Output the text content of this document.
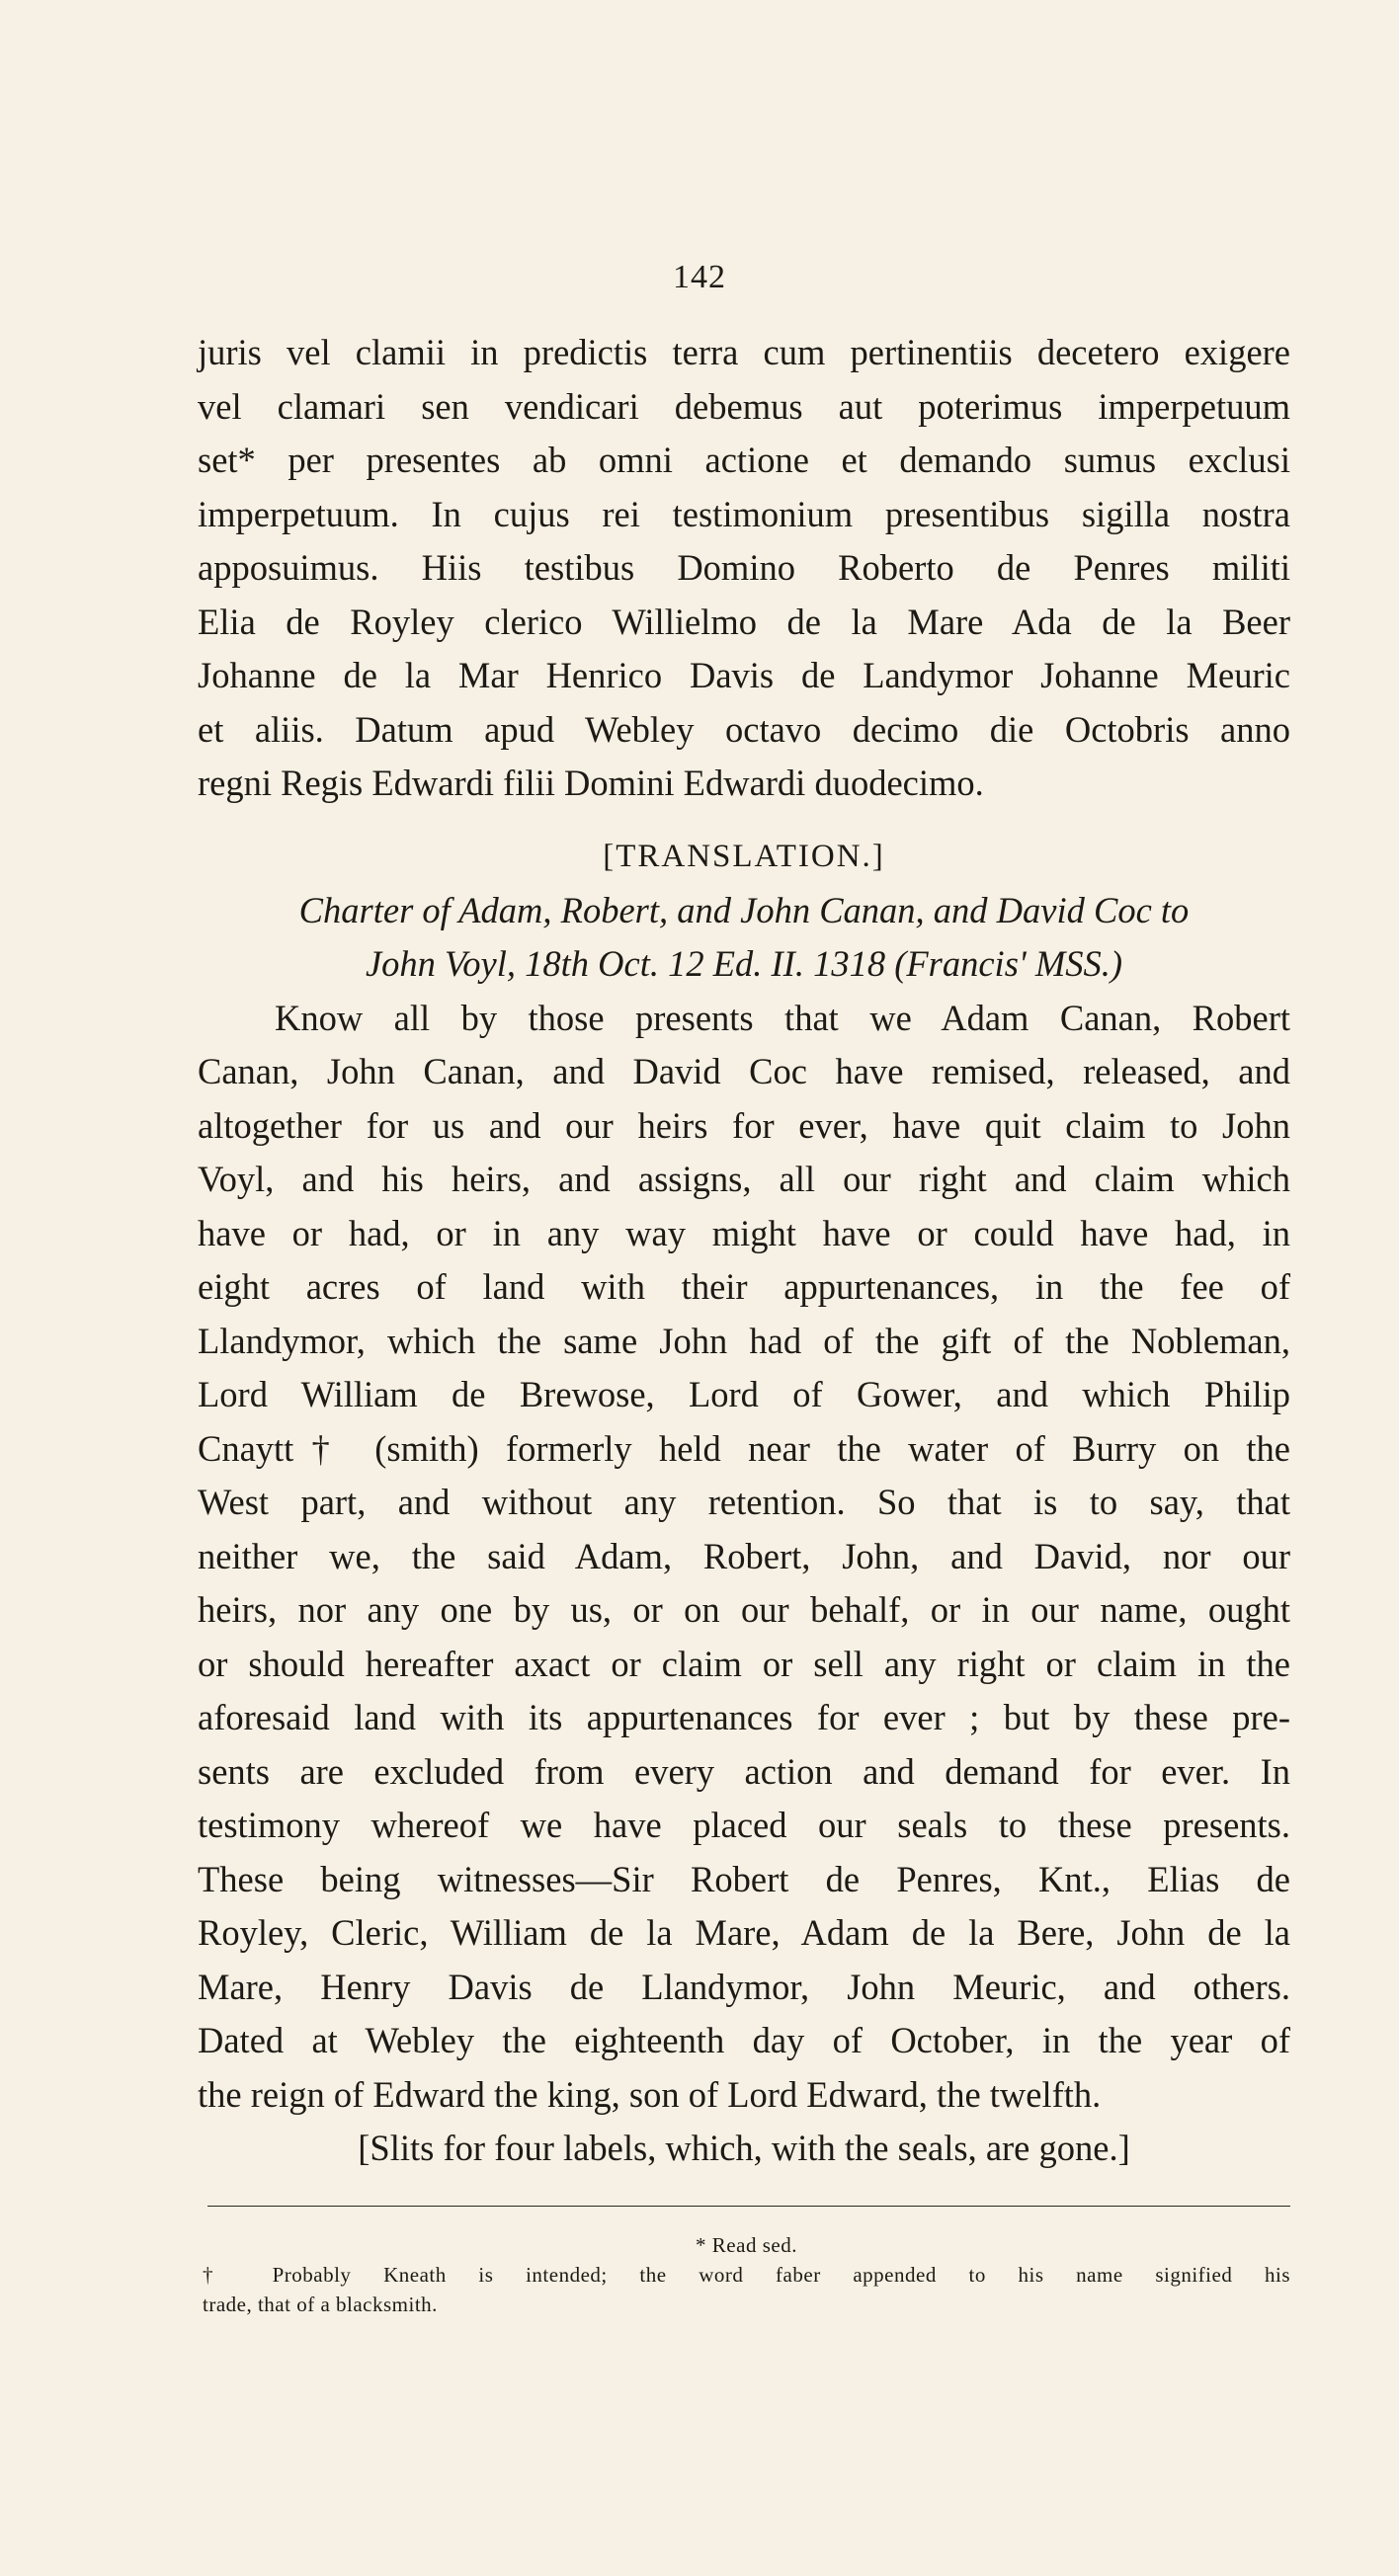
142
juris vel clamii in predictis terra cum pertinentiis decetero exigere
vel clamari sen vendicari debemus aut poterimus imperpetuum
set* per presentes ab omni actione et demando sumus exclusi
imperpetuum. In cujus rei testimonium presentibus sigilla nostra
apposuimus. Hiis testibus Domino Roberto de Penres militi
Elia de Royley clerico Willielmo de la Mare Ada de la Beer
Johanne de la Mar Henrico Davis de Landymor Johanne Meuric
et aliis. Datum apud Webley octavo decimo die Octobris anno
regni Regis Edwardi filii Domini Edwardi duodecimo.
[TRANSLATION.]
Charter of Adam, Robert, and John Canan, and David Coc to
John Voyl, 18th Oct. 12 Ed. II. 1318 (Francis' MSS.)
Know all by those presents that we Adam Canan, Robert
Canan, John Canan, and David Coc have remised, released, and
altogether for us and our heirs for ever, have quit claim to John
Voyl, and his heirs, and assigns, all our right and claim which
have or had, or in any way might have or could have had, in
eight acres of land with their appurtenances, in the fee of
Llandymor, which the same John had of the gift of the Nobleman,
Lord William de Brewose, Lord of Gower, and which Philip
Cnaytt† (smith) formerly held near the water of Burry on the
West part, and without any retention. So that is to say, that
neither we, the said Adam, Robert, John, and David, nor our
heirs, nor any one by us, or on our behalf, or in our name, ought
or should hereafter axact or claim or sell any right or claim in the
aforesaid land with its appurtenances for ever ; but by these pre-
sents are excluded from every action and demand for ever. In
testimony whereof we have placed our seals to these presents.
These being witnesses—Sir Robert de Penres, Knt., Elias de
Royley, Cleric, William de la Mare, Adam de la Bere, John de la
Mare, Henry Davis de Llandymor, John Meuric, and others.
Dated at Webley the eighteenth day of October, in the year of
the reign of Edward the king, son of Lord Edward, the twelfth.
[Slits for four labels, which, with the seals, are gone.]
* Read sed.
† Probably Kneath is intended; the word faber appended to his name signified his
trade, that of a blacksmith.
